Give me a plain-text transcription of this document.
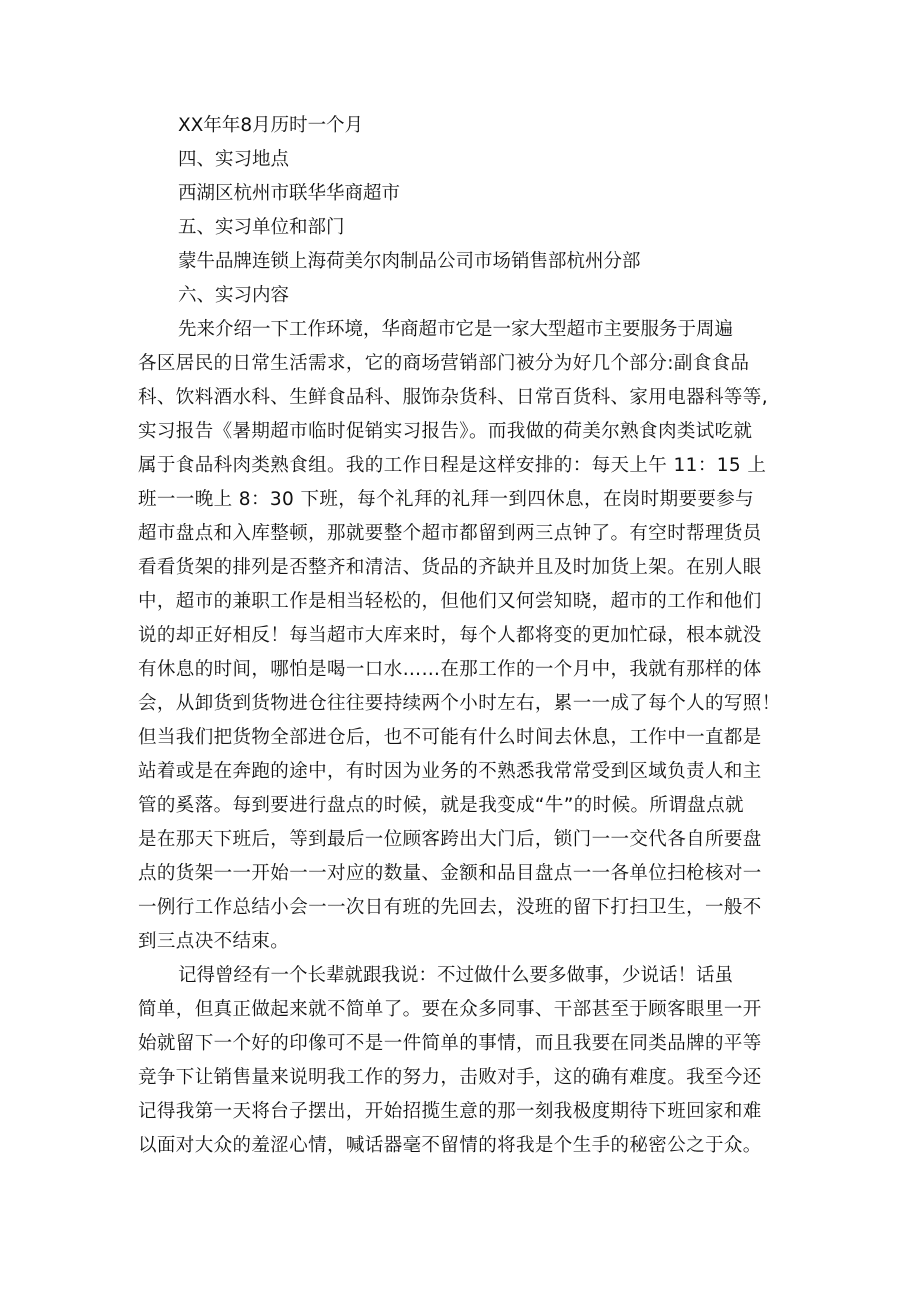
XX年年8月历时一个月
四、实习地点
西湖区杭州市联华华商超市
五、实习单位和部门
蒙牛品牌连锁上海荷美尔肉制品公司市场销售部杭州分部
六、实习内容
先来介绍一下工作环境，华商超市它是一家大型超市主要服务于周遍
各区居民的日常生活需求，它的商场营销部门被分为好几个部分:副食食品
科、饮料酒水科、生鲜食品科、服饰杂货科、日常百货科、家用电器科等等,
实习报告《暑期超市临时促销实习报告》。而我做的荷美尔熟食肉类试吃就
属于食品科肉类熟食组。我的工作日程是这样安排的：每天上午 11：15 上
班一一晚上 8：30 下班，每个礼拜的礼拜一到四休息，在岗时期要要参与
超市盘点和入库整顿，那就要整个超市都留到两三点钟了。有空时帮理货员
看看货架的排列是否整齐和清洁、货品的齐缺并且及时加货上架。在别人眼
中，超市的兼职工作是相当轻松的，但他们又何尝知晓，超市的工作和他们
说的却正好相反！每当超市大库来时，每个人都将变的更加忙碌，根本就没
有休息的时间，哪怕是喝一口水……在那工作的一个月中，我就有那样的体
会，从卸货到货物进仓往往要持续两个小时左右，累一一成了每个人的写照！
但当我们把货物全部进仓后，也不可能有什么时间去休息，工作中一直都是
站着或是在奔跑的途中，有时因为业务的不熟悉我常常受到区域负责人和主
管的奚落。每到要进行盘点的时候，就是我变成“牛”的时候。所谓盘点就
是在那天下班后，等到最后一位顾客跨出大门后，锁门一一交代各自所要盘
点的货架一一开始一一对应的数量、金额和品目盘点一一各单位扫枪核对一
一例行工作总结小会一一次日有班的先回去，没班的留下打扫卫生，一般不
到三点决不结束。
记得曾经有一个长辈就跟我说：不过做什么要多做事，少说话！话虽
简单，但真正做起来就不简单了。要在众多同事、干部甚至于顾客眼里一开
始就留下一个好的印像可不是一件简单的事情，而且我要在同类品牌的平等
竞争下让销售量来说明我工作的努力，击败对手，这的确有难度。我至今还
记得我第一天将台子摆出，开始招揽生意的那一刻我极度期待下班回家和难
以面对大众的羞涩心情，喊话器毫不留情的将我是个生手的秘密公之于众。
